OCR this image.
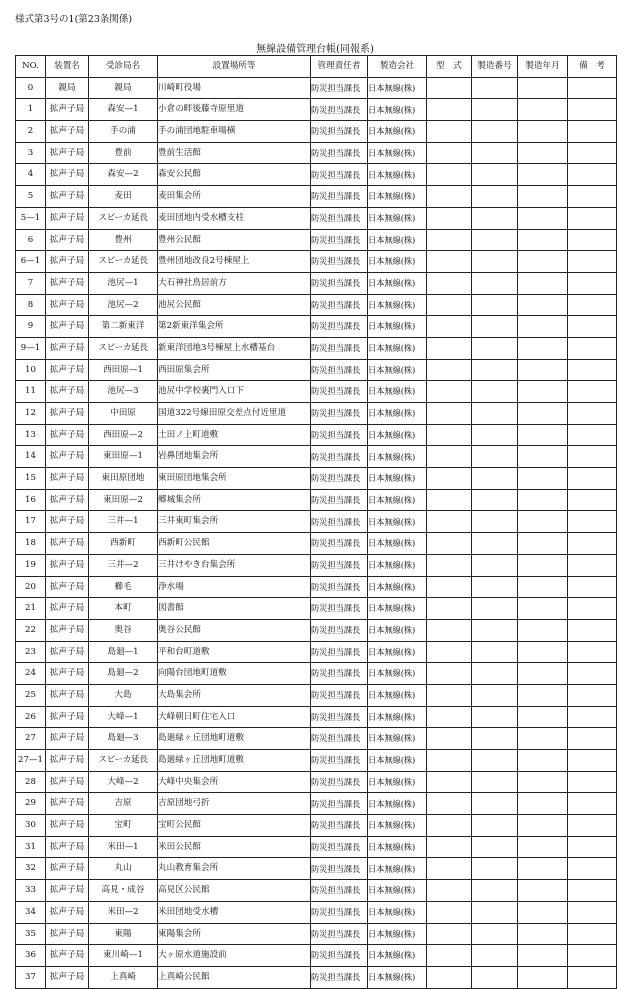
様式第3号の1(第23条関係)
無線設備管理台帳(同報系)
NO.	装置名	受診局名	設置場所等	管理責任者	製造会社	型　式	製造番号	製造年月	備　考
0	親局	親局	川崎町役場	防災担当課長	日本無線(株)				
1	拡声子局	森安—1	小倉の畔後藤寺原里道	防災担当課長	日本無線(株)				
2	拡声子局	手の浦	手の浦団地駐車場横	防災担当課長	日本無線(株)				
3	拡声子局	豊前	豊前生活館	防災担当課長	日本無線(株)				
4	拡声子局	森安—2	森安公民館	防災担当課長	日本無線(株)				
5	拡声子局	麦田	麦田集会所	防災担当課長	日本無線(株)				
5—1	拡声子局	スピーカ延長	麦田団地内受水槽支柱	防災担当課長	日本無線(株)				
6	拡声子局	豊州	豊州公民館	防災担当課長	日本無線(株)				
6—1	拡声子局	スピーカ延長	豊州団地改良2号棟屋上	防災担当課長	日本無線(株)				
7	拡声子局	池尻—1	大石神社鳥居前方	防災担当課長	日本無線(株)				
8	拡声子局	池尻—2	池尻公民館	防災担当課長	日本無線(株)				
9	拡声子局	第二新東洋	第2新東洋集会所	防災担当課長	日本無線(株)				
9—1	拡声子局	スピーカ延長	新東洋団地3号棟屋上水槽基台	防災担当課長	日本無線(株)				
10	拡声子局	西田原—1	西田原集会所	防災担当課長	日本無線(株)				
11	拡声子局	池尻—3	池尻中学校裏門入口下	防災担当課長	日本無線(株)				
12	拡声子局	中田原	国道322号線田原交差点付近里道	防災担当課長	日本無線(株)				
13	拡声子局	西田原—2	土田ノ上町道敷	防災担当課長	日本無線(株)				
14	拡声子局	東田原—1	岩鼻団地集会所	防災担当課長	日本無線(株)				
15	拡声子局	東田原団地	東田原団地集会所	防災担当課長	日本無線(株)				
16	拡声子局	東田原—2	郷城集会所	防災担当課長	日本無線(株)				
17	拡声子局	三井—1	三井東町集会所	防災担当課長	日本無線(株)				
18	拡声子局	西新町	西新町公民館	防災担当課長	日本無線(株)				
19	拡声子局	三井—2	三井けやき台集会所	防災担当課長	日本無線(株)				
20	拡声子局	櫛毛	浄水場	防災担当課長	日本無線(株)				
21	拡声子局	本町	図書館	防災担当課長	日本無線(株)				
22	拡声子局	奥谷	奥谷公民館	防災担当課長	日本無線(株)				
23	拡声子局	島廻—1	平和台町道敷	防災担当課長	日本無線(株)				
24	拡声子局	島廻—2	向陽台団地町道敷	防災担当課長	日本無線(株)				
25	拡声子局	大島	大島集会所	防災担当課長	日本無線(株)				
26	拡声子局	大峰—1	大峰朝日町住宅入口	防災担当課長	日本無線(株)				
27	拡声子局	島廻—3	島廻緑ヶ丘団地町道敷	防災担当課長	日本無線(株)				
27—1	拡声子局	スピーカ延長	島廻緑ヶ丘団地町道敷	防災担当課長	日本無線(株)				
28	拡声子局	大峰—2	大峰中央集会所	防災担当課長	日本無線(株)				
29	拡声子局	吉原	吉原団地弓折	防災担当課長	日本無線(株)				
30	拡声子局	宝町	宝町公民館	防災担当課長	日本無線(株)				
31	拡声子局	米田—1	米田公民館	防災担当課長	日本無線(株)				
32	拡声子局	丸山	丸山教育集会所	防災担当課長	日本無線(株)				
33	拡声子局	高見・成谷	高見区公民館	防災担当課長	日本無線(株)				
34	拡声子局	米田—2	米田団地受水槽	防災担当課長	日本無線(株)				
35	拡声子局	東陽	東陽集会所	防災担当課長	日本無線(株)				
36	拡声子局	東川崎—1	大ヶ原水道施設前	防災担当課長	日本無線(株)				
37	拡声子局	上真崎	上真崎公民館	防災担当課長	日本無線(株)				
